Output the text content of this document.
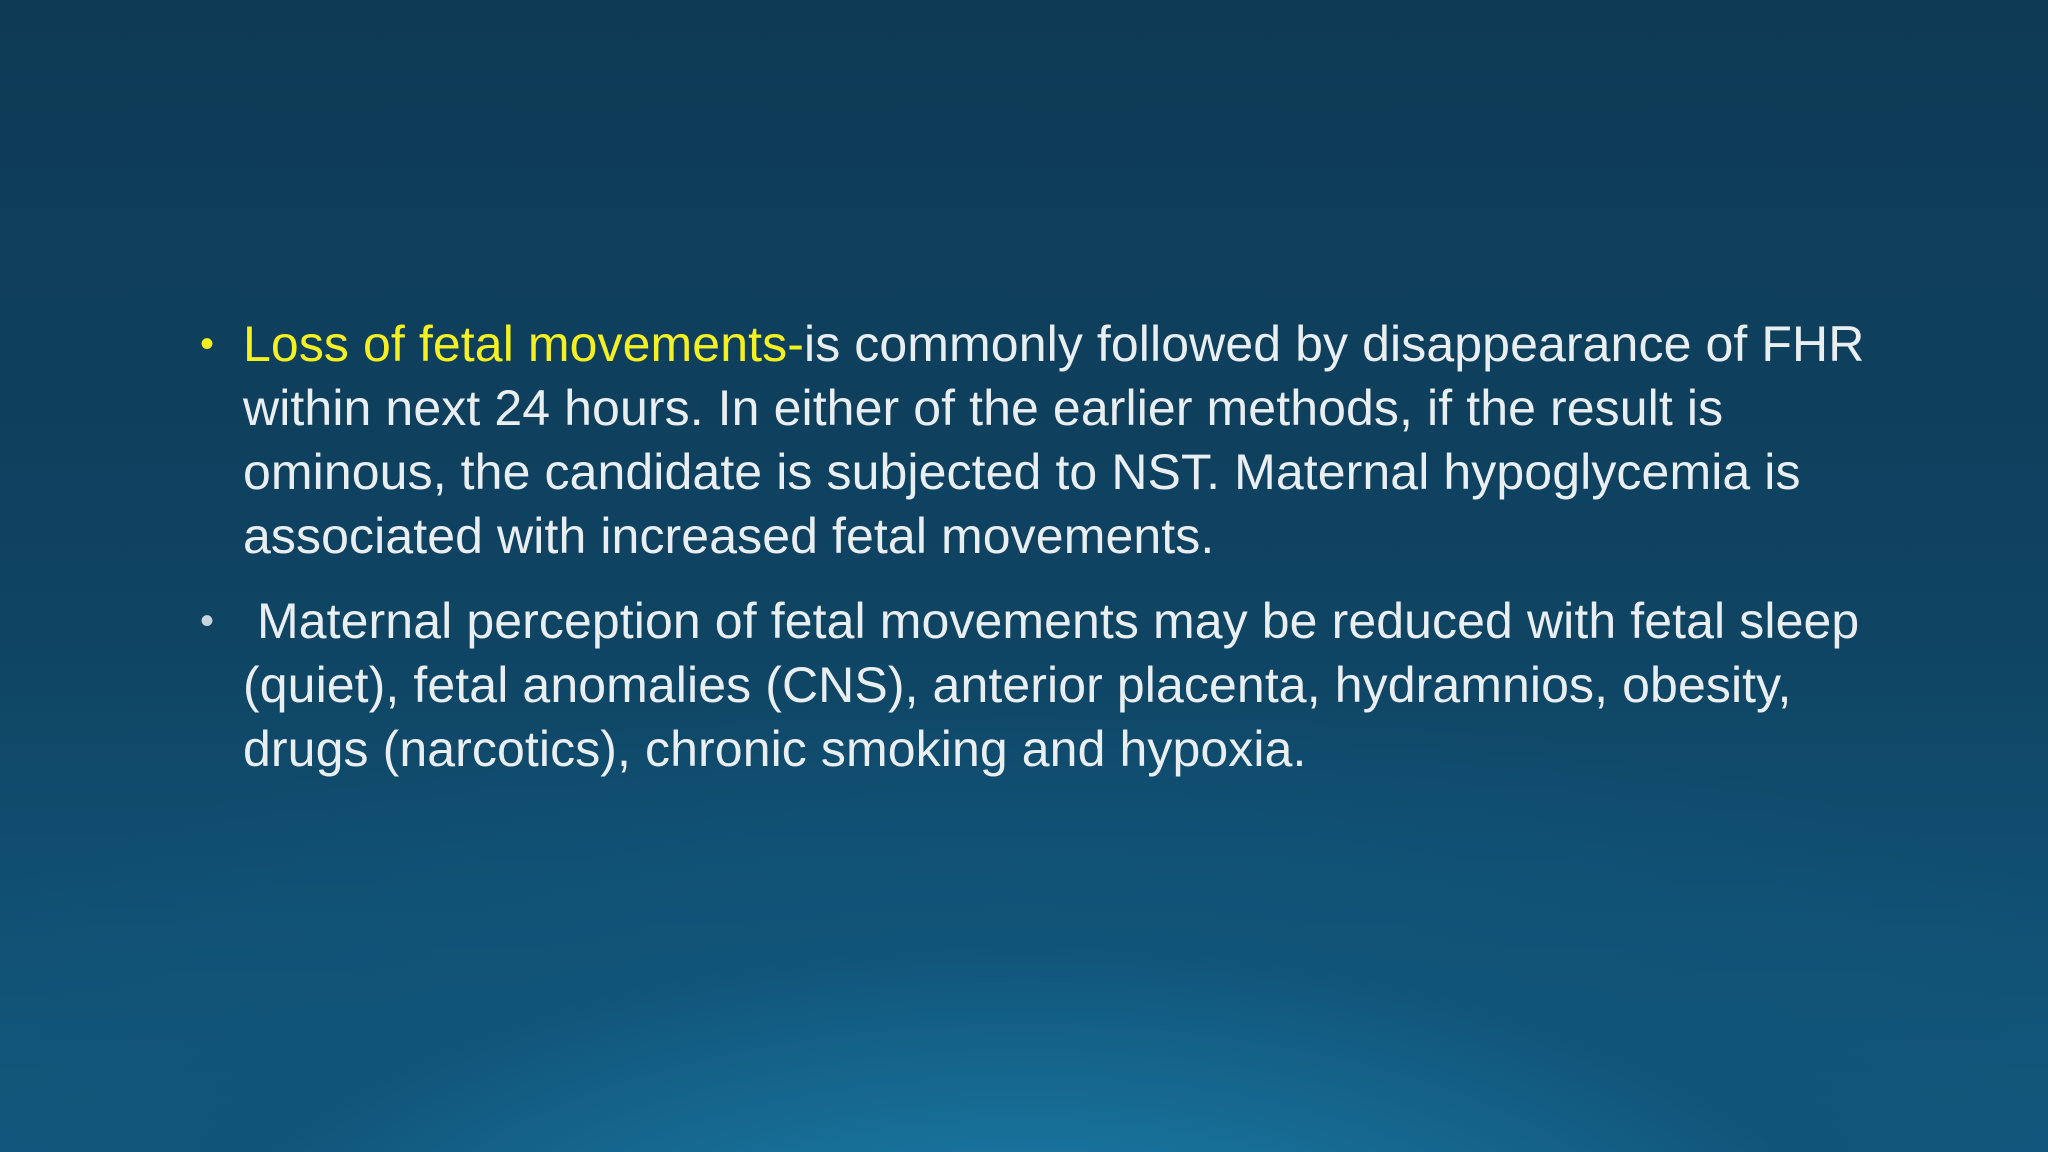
• Loss of fetal movements-is commonly followed by disappearance of FHR within next 24 hours. In either of the earlier methods, if the result is ominous, the candidate is subjected to NST. Maternal hypoglycemia is associated with increased fetal movements.
• Maternal perception of fetal movements may be reduced with fetal sleep (quiet), fetal anomalies (CNS), anterior placenta, hydramnios, obesity, drugs (narcotics), chronic smoking and hypoxia.
